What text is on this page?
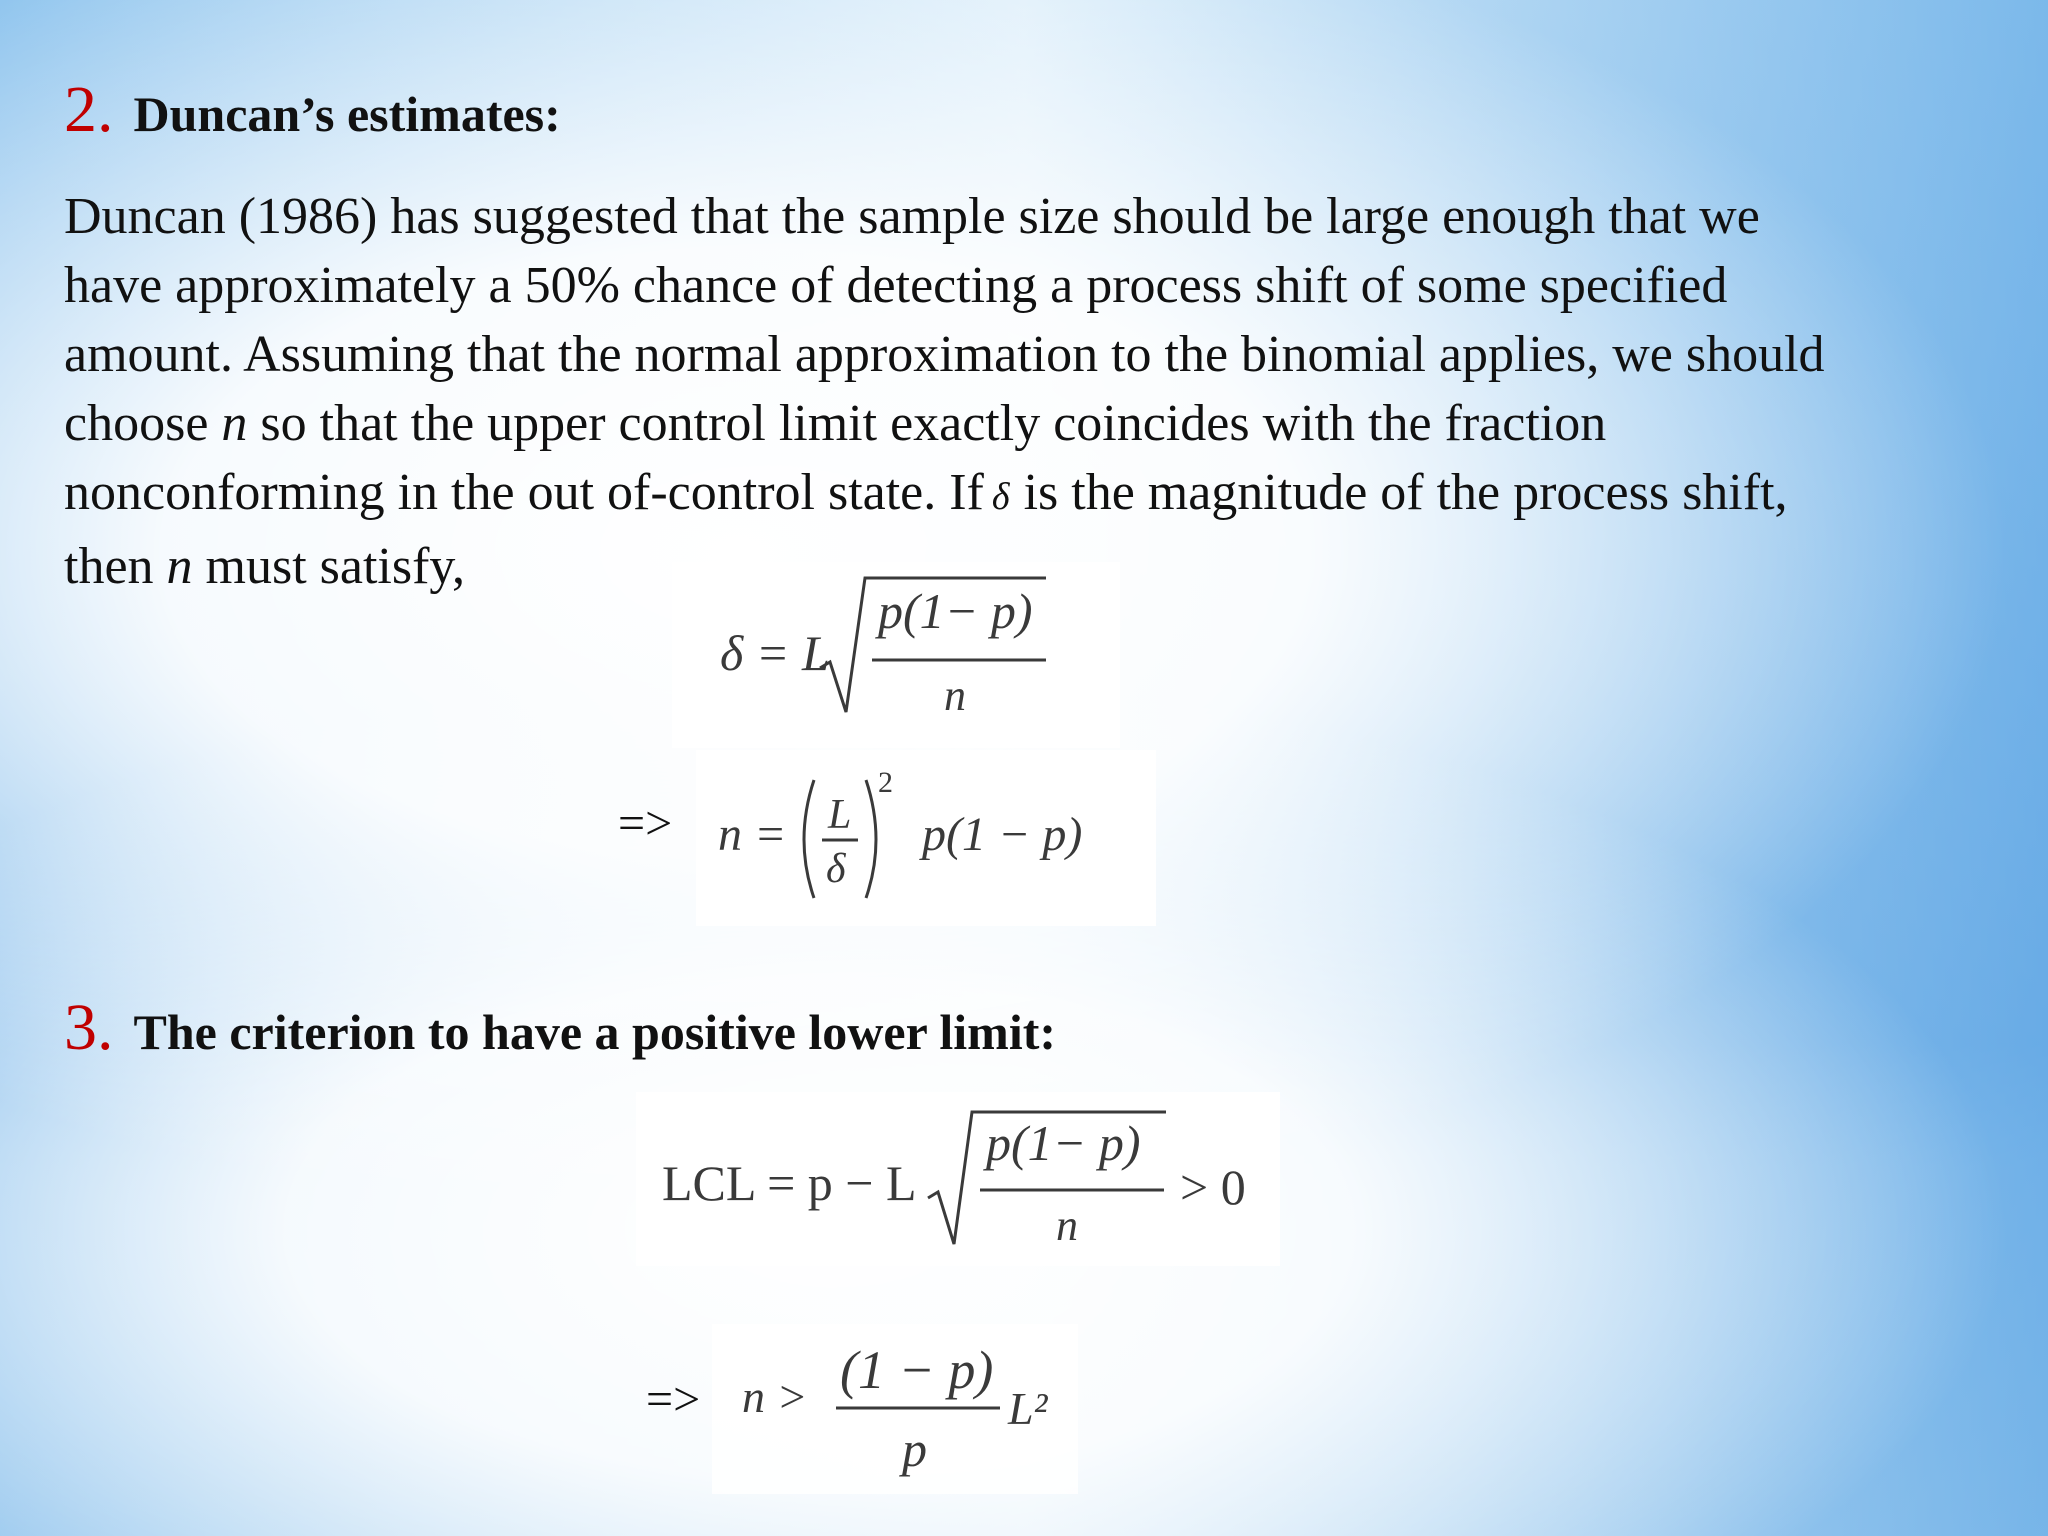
2. Duncan’s estimates:
Duncan (1986) has suggested that the sample size should be large enough that we
have approximately a 50% chance of detecting a process shift of some specified
amount. Assuming that the normal approximation to the binomial applies, we should
choose n so that the upper control limit exactly coincides with the fraction
nonconforming in the out of-control state. If δ is the magnitude of the process shift,
then n must satisfy,
δ = L
p(1− p)
n
=> n = L
δ
2
p(1 − p)
3. The criterion to have a positive lower limit:
LCL = p − L
p(1− p)
n
> 0
=> n > (1 − p)
p
L²
